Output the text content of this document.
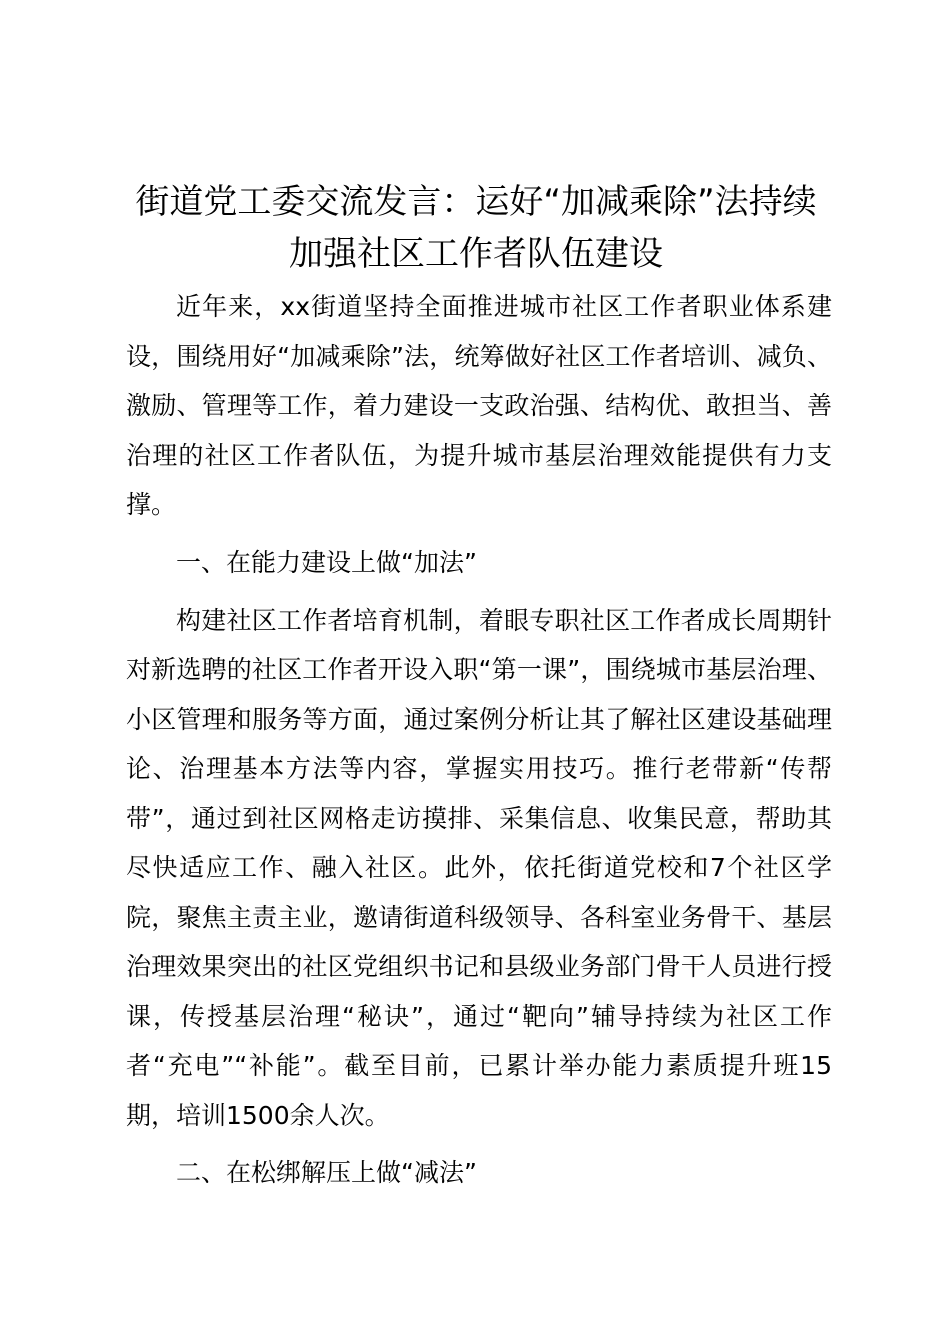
街道党工委交流发言：运好“加减乘除”法持续加强社区工作者队伍建设

近年来，xx街道坚持全面推进城市社区工作者职业体系建设，围绕用好“加减乘除”法，统筹做好社区工作者培训、减负、激励、管理等工作，着力建设一支政治强、结构优、敢担当、善治理的社区工作者队伍，为提升城市基层治理效能提供有力支撑。

一、在能力建设上做“加法”

构建社区工作者培育机制，着眼专职社区工作者成长周期针对新选聘的社区工作者开设入职“第一课”，围绕城市基层治理、小区管理和服务等方面，通过案例分析让其了解社区建设基础理论、治理基本方法等内容，掌握实用技巧。推行老带新“传帮带”，通过到社区网格走访摸排、采集信息、收集民意，帮助其尽快适应工作、融入社区。此外，依托街道党校和7个社区学院，聚焦主责主业，邀请街道科级领导、各科室业务骨干、基层治理效果突出的社区党组织书记和县级业务部门骨干人员进行授课，传授基层治理“秘诀”，通过“靶向”辅导持续为社区工作者“充电”“补能”。截至目前，已累计举办能力素质提升班15期，培训1500余人次。

二、在松绑解压上做“减法”
